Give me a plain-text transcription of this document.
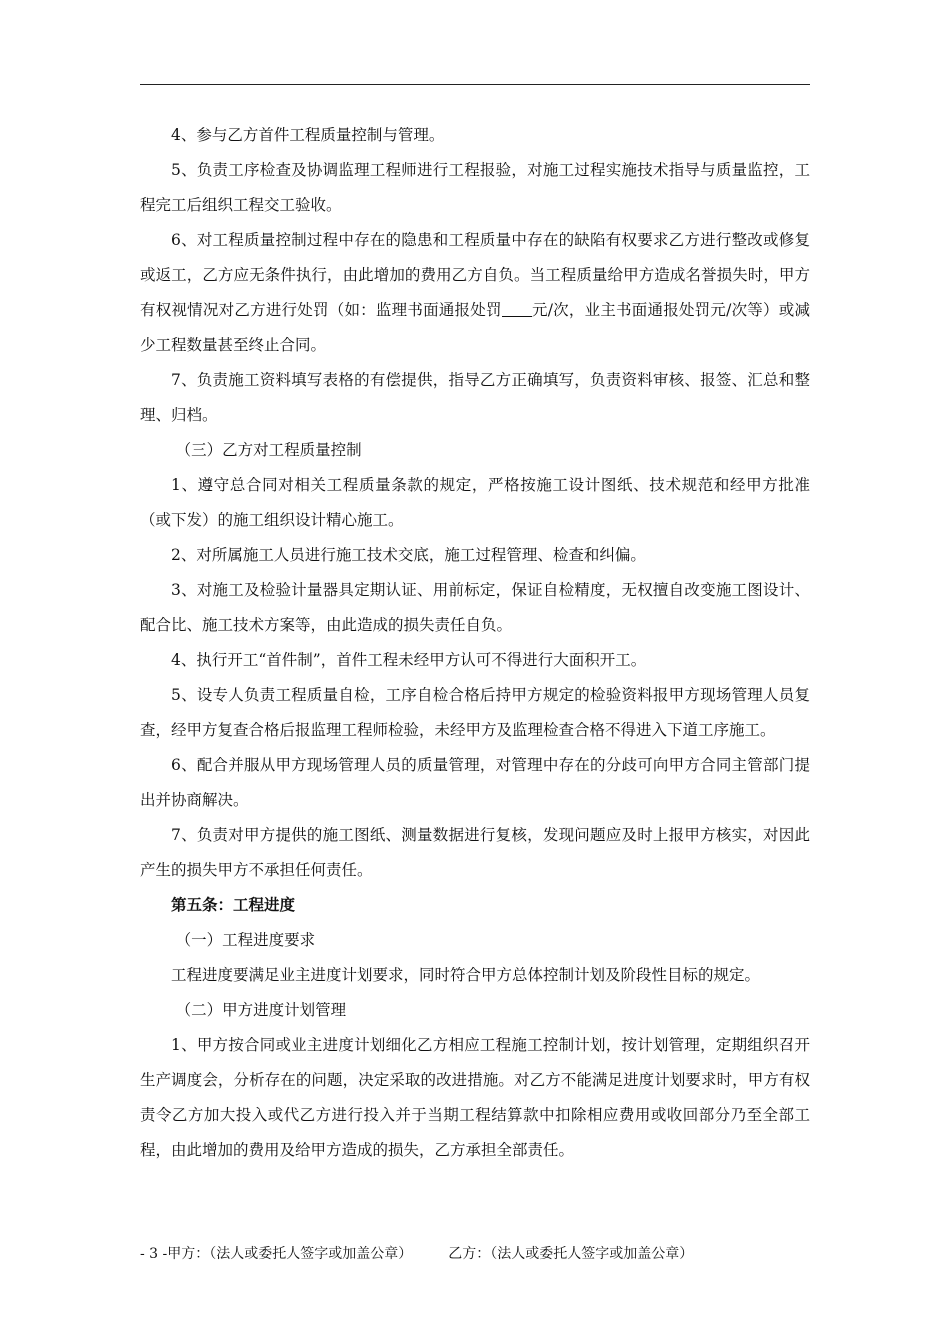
4、参与乙方首件工程质量控制与管理。

5、负责工序检查及协调监理工程师进行工程报验，对施工过程实施技术指导与质量监控，工程完工后组织工程交工验收。

6、对工程质量控制过程中存在的隐患和工程质量中存在的缺陷有权要求乙方进行整改或修复或返工，乙方应无条件执行，由此增加的费用乙方自负。当工程质量给甲方造成名誉损失时，甲方有权视情况对乙方进行处罚（如：监理书面通报处罚 元/次，业主书面通报处罚元/次等）或减少工程数量甚至终止合同。

7、负责施工资料填写表格的有偿提供，指导乙方正确填写，负责资料审核、报签、汇总和整理、归档。

（三）乙方对工程质量控制

1、遵守总合同对相关工程质量条款的规定，严格按施工设计图纸、技术规范和经甲方批准（或下发）的施工组织设计精心施工。

2、对所属施工人员进行施工技术交底，施工过程管理、检查和纠偏。

3、对施工及检验计量器具定期认证、用前标定，保证自检精度，无权擅自改变施工图设计、配合比、施工技术方案等，由此造成的损失责任自负。

4、执行开工“首件制”，首件工程未经甲方认可不得进行大面积开工。

5、设专人负责工程质量自检，工序自检合格后持甲方规定的检验资料报甲方现场管理人员复查，经甲方复查合格后报监理工程师检验，未经甲方及监理检查合格不得进入下道工序施工。

6、配合并服从甲方现场管理人员的质量管理，对管理中存在的分歧可向甲方合同主管部门提出并协商解决。

7、负责对甲方提供的施工图纸、测量数据进行复核，发现问题应及时上报甲方核实，对因此产生的损失甲方不承担任何责任。

第五条：工程进度

（一）工程进度要求

工程进度要满足业主进度计划要求，同时符合甲方总体控制计划及阶段性目标的规定。

（二）甲方进度计划管理

1、甲方按合同或业主进度计划细化乙方相应工程施工控制计划，按计划管理，定期组织召开生产调度会，分析存在的问题，决定采取的改进措施。对乙方不能满足进度计划要求时，甲方有权责令乙方加大投入或代乙方进行投入并于当期工程结算款中扣除相应费用或收回部分乃至全部工程，由此增加的费用及给甲方造成的损失，乙方承担全部责任。

- 3 -甲方：（法人或委托人签字或加盖公章）	乙方：（法人或委托人签字或加盖公章）
